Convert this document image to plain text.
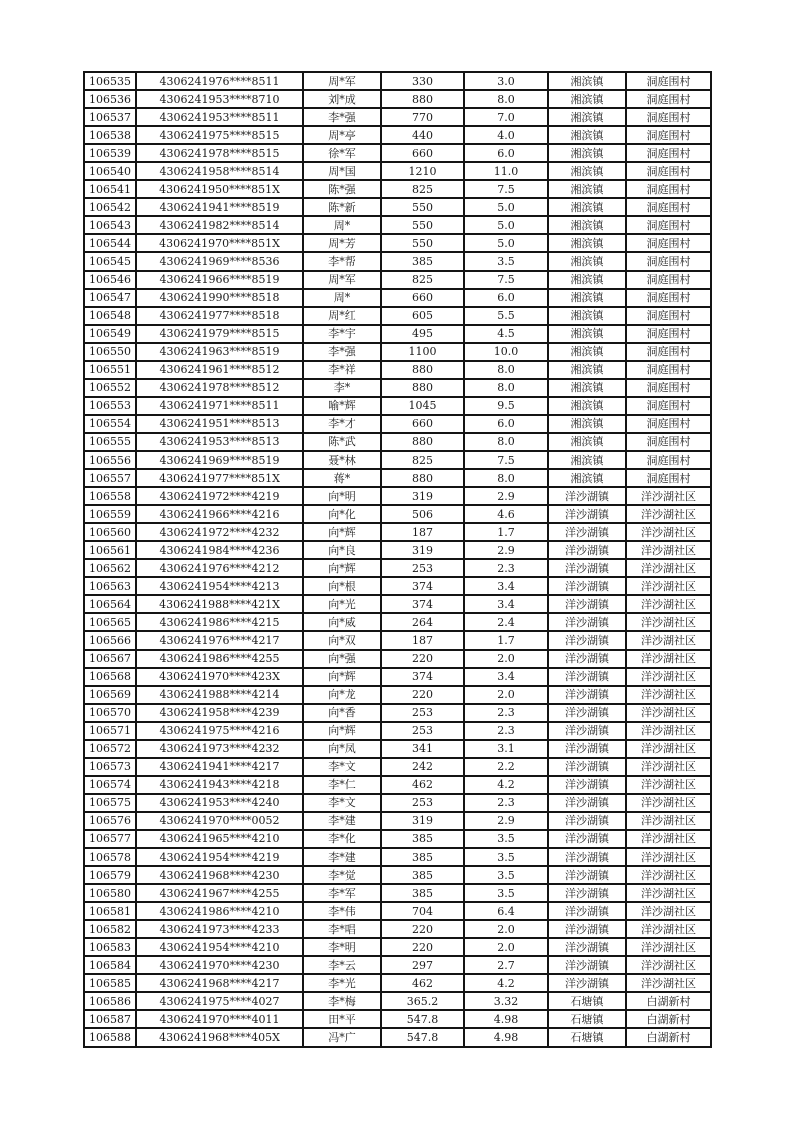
106535	4306241976****8511	周*军	330	3.0	湘滨镇	洞庭围村
106536	4306241953****8710	刘*成	880	8.0	湘滨镇	洞庭围村
106537	4306241953****8511	李*强	770	7.0	湘滨镇	洞庭围村
106538	4306241975****8515	周*亭	440	4.0	湘滨镇	洞庭围村
106539	4306241978****8515	徐*军	660	6.0	湘滨镇	洞庭围村
106540	4306241958****8514	周*国	1210	11.0	湘滨镇	洞庭围村
106541	4306241950****851X	陈*强	825	7.5	湘滨镇	洞庭围村
106542	4306241941****8519	陈*新	550	5.0	湘滨镇	洞庭围村
106543	4306241982****8514	周*	550	5.0	湘滨镇	洞庭围村
106544	4306241970****851X	周*芳	550	5.0	湘滨镇	洞庭围村
106545	4306241969****8536	李*帮	385	3.5	湘滨镇	洞庭围村
106546	4306241966****8519	周*军	825	7.5	湘滨镇	洞庭围村
106547	4306241990****8518	周*	660	6.0	湘滨镇	洞庭围村
106548	4306241977****8518	周*红	605	5.5	湘滨镇	洞庭围村
106549	4306241979****8515	李*宇	495	4.5	湘滨镇	洞庭围村
106550	4306241963****8519	李*强	1100	10.0	湘滨镇	洞庭围村
106551	4306241961****8512	李*祥	880	8.0	湘滨镇	洞庭围村
106552	4306241978****8512	李*	880	8.0	湘滨镇	洞庭围村
106553	4306241971****8511	喻*辉	1045	9.5	湘滨镇	洞庭围村
106554	4306241951****8513	李*才	660	6.0	湘滨镇	洞庭围村
106555	4306241953****8513	陈*武	880	8.0	湘滨镇	洞庭围村
106556	4306241969****8519	聂*林	825	7.5	湘滨镇	洞庭围村
106557	4306241977****851X	蒋*	880	8.0	湘滨镇	洞庭围村
106558	4306241972****4219	向*明	319	2.9	洋沙湖镇	洋沙湖社区
106559	4306241966****4216	向*化	506	4.6	洋沙湖镇	洋沙湖社区
106560	4306241972****4232	向*辉	187	1.7	洋沙湖镇	洋沙湖社区
106561	4306241984****4236	向*良	319	2.9	洋沙湖镇	洋沙湖社区
106562	4306241976****4212	向*辉	253	2.3	洋沙湖镇	洋沙湖社区
106563	4306241954****4213	向*根	374	3.4	洋沙湖镇	洋沙湖社区
106564	4306241988****421X	向*光	374	3.4	洋沙湖镇	洋沙湖社区
106565	4306241986****4215	向*威	264	2.4	洋沙湖镇	洋沙湖社区
106566	4306241976****4217	向*双	187	1.7	洋沙湖镇	洋沙湖社区
106567	4306241986****4255	向*强	220	2.0	洋沙湖镇	洋沙湖社区
106568	4306241970****423X	向*辉	374	3.4	洋沙湖镇	洋沙湖社区
106569	4306241988****4214	向*龙	220	2.0	洋沙湖镇	洋沙湖社区
106570	4306241958****4239	向*香	253	2.3	洋沙湖镇	洋沙湖社区
106571	4306241975****4216	向*辉	253	2.3	洋沙湖镇	洋沙湖社区
106572	4306241973****4232	向*凤	341	3.1	洋沙湖镇	洋沙湖社区
106573	4306241941****4217	李*文	242	2.2	洋沙湖镇	洋沙湖社区
106574	4306241943****4218	李*仁	462	4.2	洋沙湖镇	洋沙湖社区
106575	4306241953****4240	李*文	253	2.3	洋沙湖镇	洋沙湖社区
106576	4306241970****0052	李*建	319	2.9	洋沙湖镇	洋沙湖社区
106577	4306241965****4210	李*化	385	3.5	洋沙湖镇	洋沙湖社区
106578	4306241954****4219	李*建	385	3.5	洋沙湖镇	洋沙湖社区
106579	4306241968****4230	李*觉	385	3.5	洋沙湖镇	洋沙湖社区
106580	4306241967****4255	李*军	385	3.5	洋沙湖镇	洋沙湖社区
106581	4306241986****4210	李*伟	704	6.4	洋沙湖镇	洋沙湖社区
106582	4306241973****4233	李*唱	220	2.0	洋沙湖镇	洋沙湖社区
106583	4306241954****4210	李*明	220	2.0	洋沙湖镇	洋沙湖社区
106584	4306241970****4230	李*云	297	2.7	洋沙湖镇	洋沙湖社区
106585	4306241968****4217	李*光	462	4.2	洋沙湖镇	洋沙湖社区
106586	4306241975****4027	李*梅	365.2	3.32	石塘镇	白湖新村
106587	4306241970****4011	田*平	547.8	4.98	石塘镇	白湖新村
106588	4306241968****405X	冯*广	547.8	4.98	石塘镇	白湖新村
